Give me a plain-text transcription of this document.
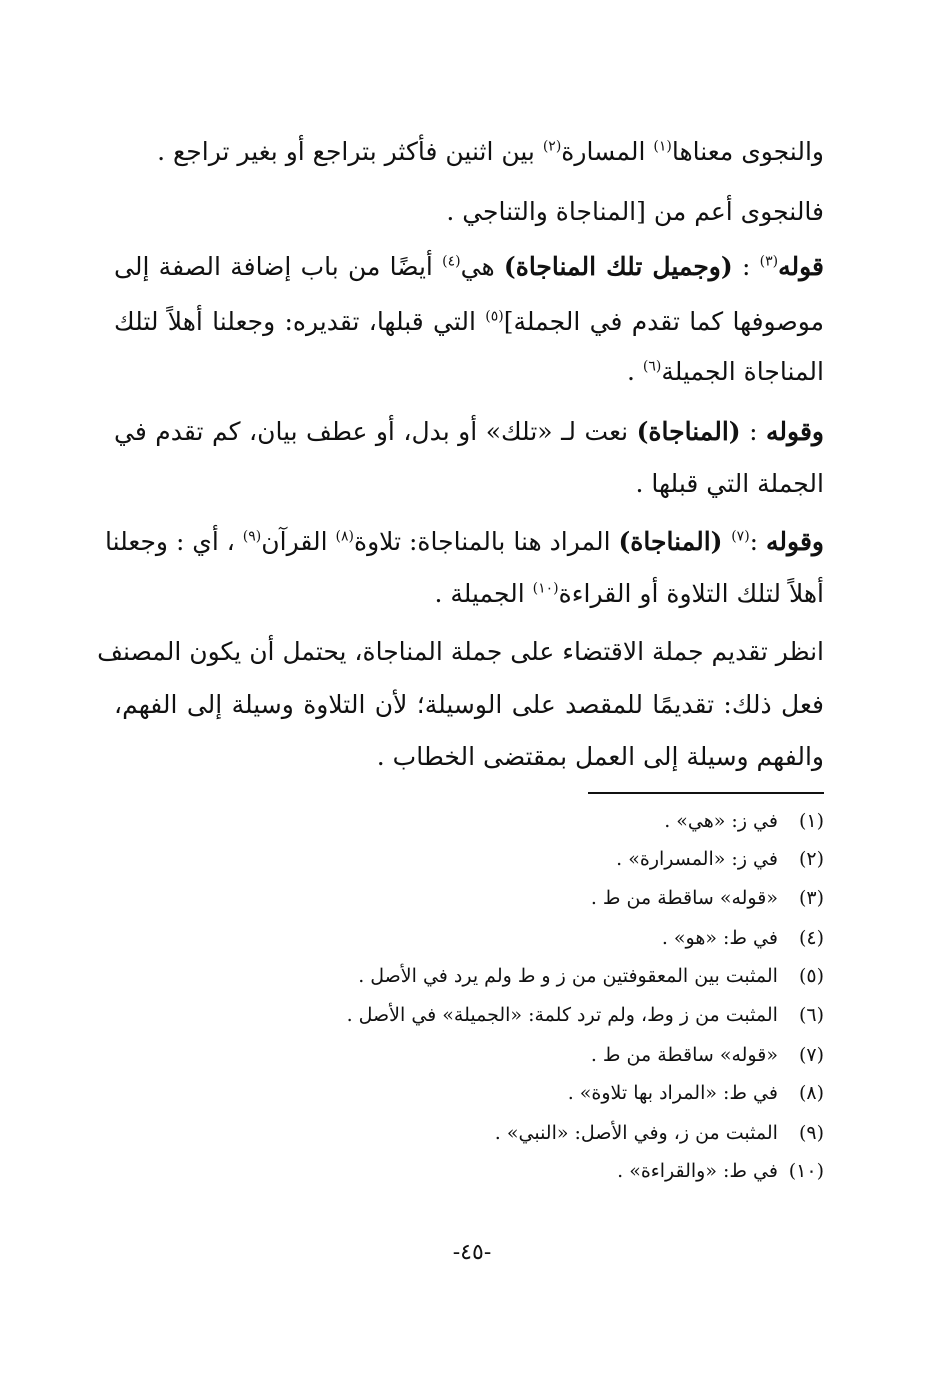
والنجوى معناها$^{(١)}$ المسارة$^{(٢)}$ بين اثنين فأكثر بتراجع أو بغير تراجع .
فالنجوى أعم من [المناجاة والتناجي .
قوله$^{(٣)}$ : (وجميل تلك المناجاة) هي$^{(٤)}$ أيضًا من باب إضافة الصفة إلى
موصوفها كما تقدم في الجملة]$^{(٥)}$ التي قبلها، تقديره: وجعلنا أهلاً لتلك
المناجاة الجميلة$^{(٦)}$ .
وقوله : (المناجاة) نعت لـ «تلك» أو بدل، أو عطف بيان، كم تقدم في
الجملة التي قبلها .
وقوله :$^{(٧)}$ (المناجاة) المراد هنا بالمناجاة: تلاوة$^{(٨)}$ القرآن$^{(٩)}$ ، أي : وجعلنا
أهلاً لتلك التلاوة أو القراءة$^{(١٠)}$ الجميلة .
انظر تقديم جملة الاقتضاء على جملة المناجاة، يحتمل أن يكون المصنف
فعل ذلك: تقديمًا للمقصد على الوسيلة؛ لأن التلاوة وسيلة إلى الفهم،
والفهم وسيلة إلى العمل بمقتضى الخطاب .
(١) في ز: «هي» .
(٢) في ز: «المسرارة» .
(٣) «قوله» ساقطة من ط .
(٤) في ط: «هو» .
(٥) المثبت بين المعقوفتين من ز و ط ولم يرد في الأصل .
(٦) المثبت من ز وط، ولم ترد كلمة: «الجميلة» في الأصل .
(٧) «قوله» ساقطة من ط .
(٨) في ط: «المراد بها تلاوة» .
(٩) المثبت من ز، وفي الأصل: «النبي» .
(١٠) في ط: «والقراءة» .
-٤٥-
